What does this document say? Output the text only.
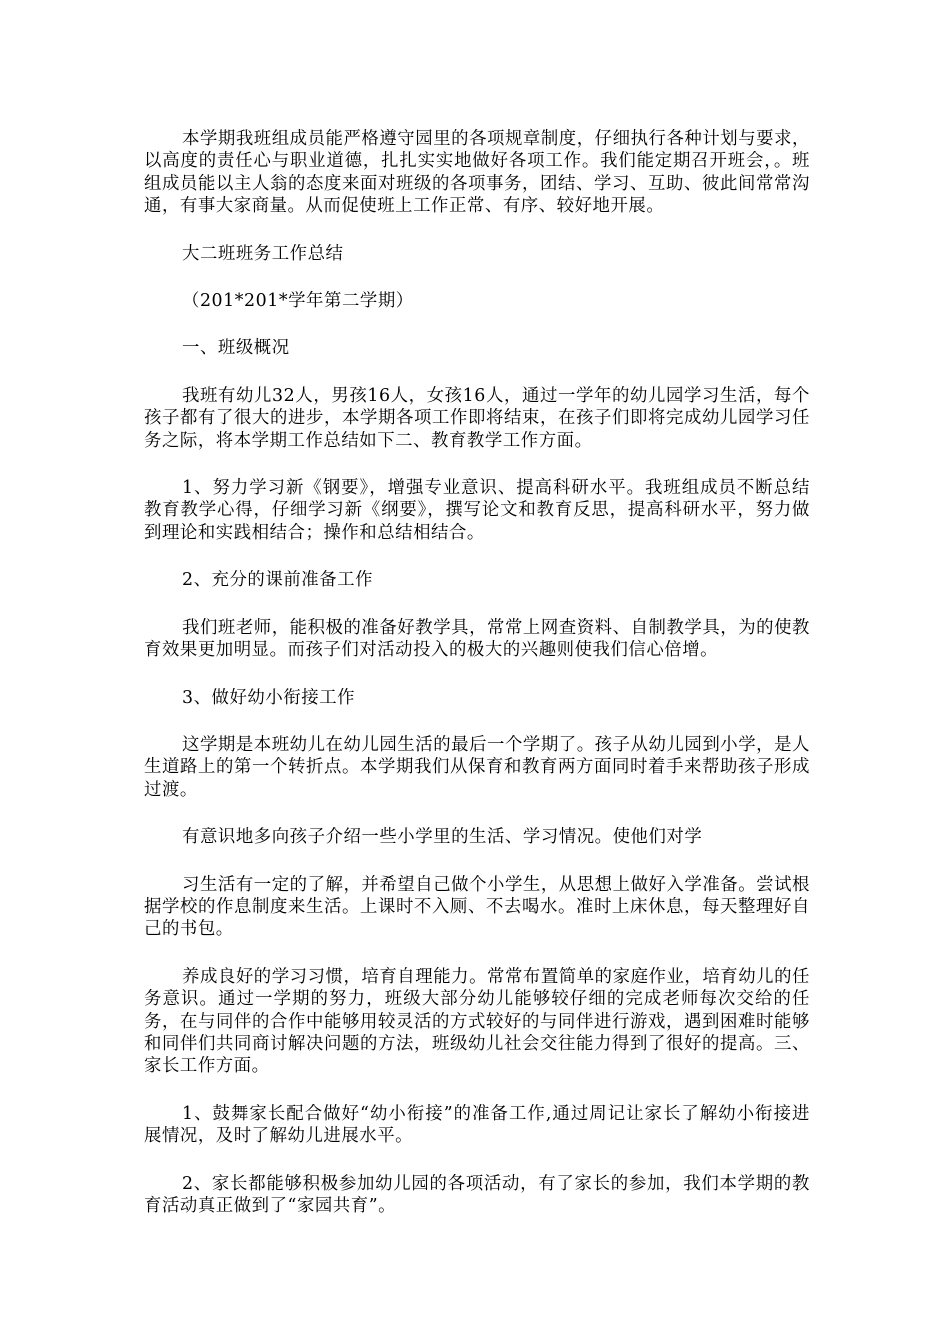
本学期我班组成员能严格遵守园里的各项规章制度，仔细执行各种计划与要求，以高度的责任心与职业道德，扎扎实实地做好各项工作。我们能定期召开班会，。班组成员能以主人翁的态度来面对班级的各项事务，团结、学习、互助、彼此间常常沟通，有事大家商量。从而促使班上工作正常、有序、较好地开展。

大二班班务工作总结

（201*201*学年第二学期）

一、班级概况

我班有幼儿32人，男孩16人，女孩16人，通过一学年的幼儿园学习生活，每个孩子都有了很大的进步，本学期各项工作即将结束，在孩子们即将完成幼儿园学习任务之际，将本学期工作总结如下二、教育教学工作方面。

1、努力学习新《钢要》，增强专业意识、提高科研水平。我班组成员不断总结教育教学心得，仔细学习新《纲要》，撰写论文和教育反思，提高科研水平，努力做到理论和实践相结合；操作和总结相结合。

2、充分的课前准备工作

我们班老师，能积极的准备好教学具，常常上网查资料、自制教学具，为的使教育效果更加明显。而孩子们对活动投入的极大的兴趣则使我们信心倍增。

3、做好幼小衔接工作

这学期是本班幼儿在幼儿园生活的最后一个学期了。孩子从幼儿园到小学，是人生道路上的第一个转折点。本学期我们从保育和教育两方面同时着手来帮助孩子形成过渡。

有意识地多向孩子介绍一些小学里的生活、学习情况。使他们对学

习生活有一定的了解，并希望自己做个小学生，从思想上做好入学准备。尝试根据学校的作息制度来生活。上课时不入厕、不去喝水。准时上床休息，每天整理好自己的书包。

养成良好的学习习惯，培育自理能力。常常布置简单的家庭作业，培育幼儿的任务意识。通过一学期的努力，班级大部分幼儿能够较仔细的完成老师每次交给的任务，在与同伴的合作中能够用较灵活的方式较好的与同伴进行游戏，遇到困难时能够和同伴们共同商讨解决问题的方法，班级幼儿社会交往能力得到了很好的提高。三、家长工作方面。

1、鼓舞家长配合做好“幼小衔接”的准备工作,通过周记让家长了解幼小衔接进展情况，及时了解幼儿进展水平。

2、家长都能够积极参加幼儿园的各项活动，有了家长的参加，我们本学期的教育活动真正做到了“家园共育”。
